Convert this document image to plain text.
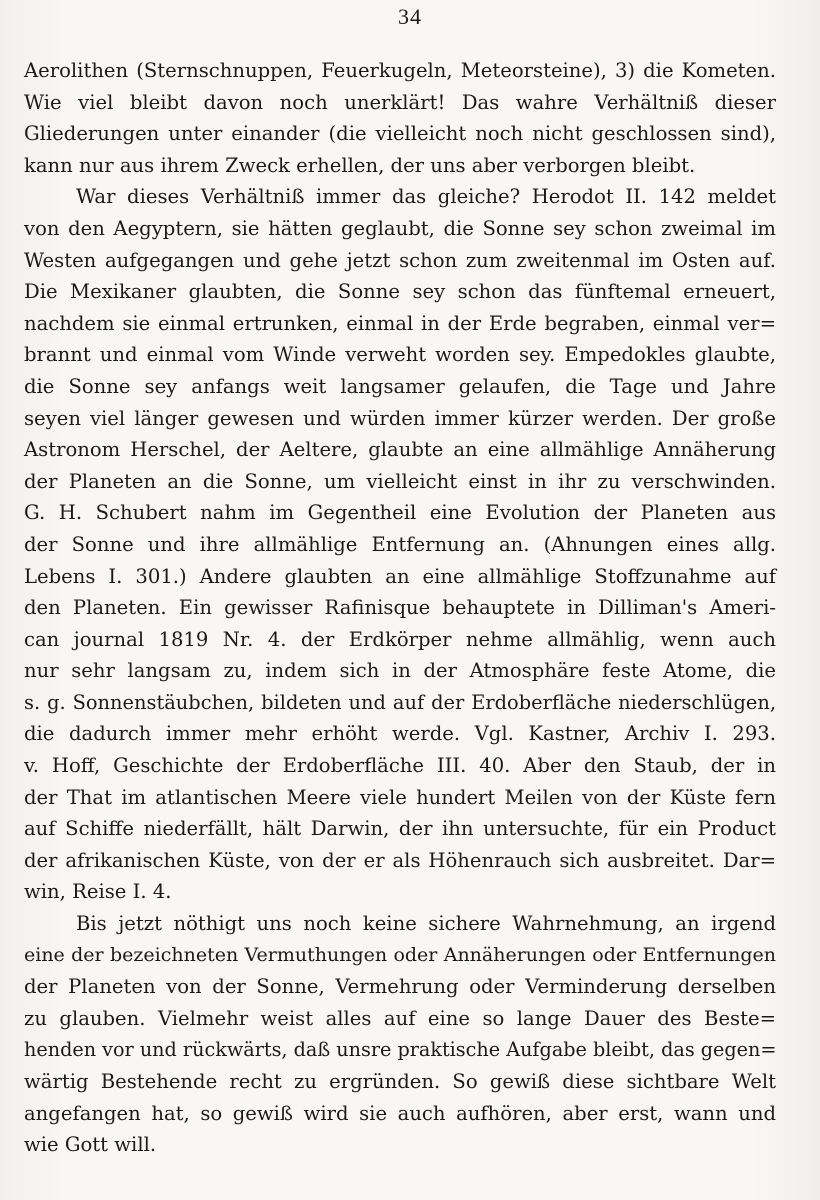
34
Aerolithen (Sternschnuppen, Feuerkugeln, Meteorsteine), 3) die Kometen.
Wie viel bleibt davon noch unerklärt! Das wahre Verhältniß dieser
Gliederungen unter einander (die vielleicht noch nicht geschlossen sind),
kann nur aus ihrem Zweck erhellen, der uns aber verborgen bleibt.
War dieses Verhältniß immer das gleiche? Herodot II. 142 meldet
von den Aegyptern, sie hätten geglaubt, die Sonne sey schon zweimal im
Westen aufgegangen und gehe jetzt schon zum zweitenmal im Osten auf.
Die Mexikaner glaubten, die Sonne sey schon das fünftemal erneuert,
nachdem sie einmal ertrunken, einmal in der Erde begraben, einmal ver=
brannt und einmal vom Winde verweht worden sey. Empedokles glaubte,
die Sonne sey anfangs weit langsamer gelaufen, die Tage und Jahre
seyen viel länger gewesen und würden immer kürzer werden. Der große
Astronom Herschel, der Aeltere, glaubte an eine allmählige Annäherung
der Planeten an die Sonne, um vielleicht einst in ihr zu verschwinden.
G. H. Schubert nahm im Gegentheil eine Evolution der Planeten aus
der Sonne und ihre allmählige Entfernung an. (Ahnungen eines allg.
Lebens I. 301.) Andere glaubten an eine allmählige Stoffzunahme auf
den Planeten. Ein gewisser Rafinisque behauptete in Dilliman's Ameri-
can journal 1819 Nr. 4. der Erdkörper nehme allmählig, wenn auch
nur sehr langsam zu, indem sich in der Atmosphäre feste Atome, die
s. g. Sonnenstäubchen, bildeten und auf der Erdoberfläche niederschlügen,
die dadurch immer mehr erhöht werde. Vgl. Kastner, Archiv I. 293.
v. Hoff, Geschichte der Erdoberfläche III. 40. Aber den Staub, der in
der That im atlantischen Meere viele hundert Meilen von der Küste fern
auf Schiffe niederfällt, hält Darwin, der ihn untersuchte, für ein Product
der afrikanischen Küste, von der er als Höhenrauch sich ausbreitet. Dar=
win, Reise I. 4.
Bis jetzt nöthigt uns noch keine sichere Wahrnehmung, an irgend
eine der bezeichneten Vermuthungen oder Annäherungen oder Entfernungen
der Planeten von der Sonne, Vermehrung oder Verminderung derselben
zu glauben. Vielmehr weist alles auf eine so lange Dauer des Beste=
henden vor und rückwärts, daß unsre praktische Aufgabe bleibt, das gegen=
wärtig Bestehende recht zu ergründen. So gewiß diese sichtbare Welt
angefangen hat, so gewiß wird sie auch aufhören, aber erst, wann und
wie Gott will.
